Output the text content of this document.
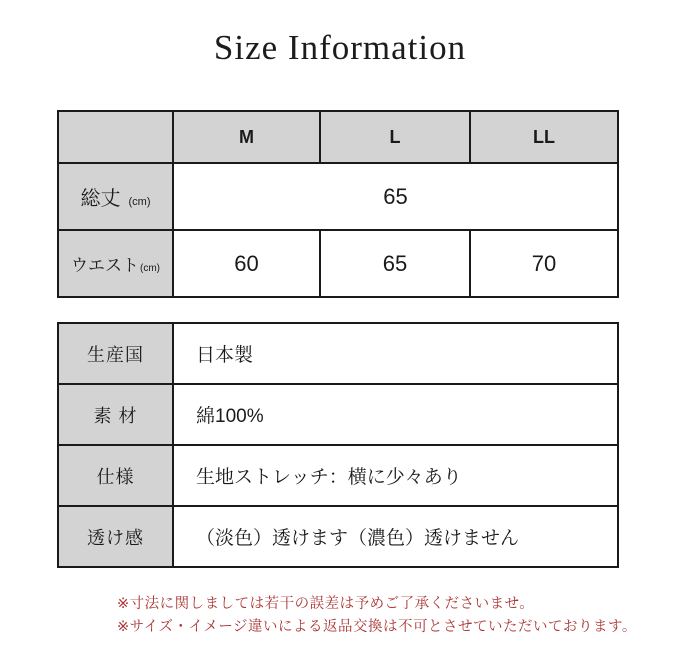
Size Information
	M	L	LL
総丈 (cm)	65		
ウエスト(cm)	60	65	70
生産国	日本製
素 材	綿100%
仕様	生地ストレッチ：横に少々あり
透け感	（淡色）透けます（濃色）透けません
※寸法に関しましては若干の誤差は予めご了承くださいませ。
※サイズ・イメージ違いによる返品交換は不可とさせていただいております。
